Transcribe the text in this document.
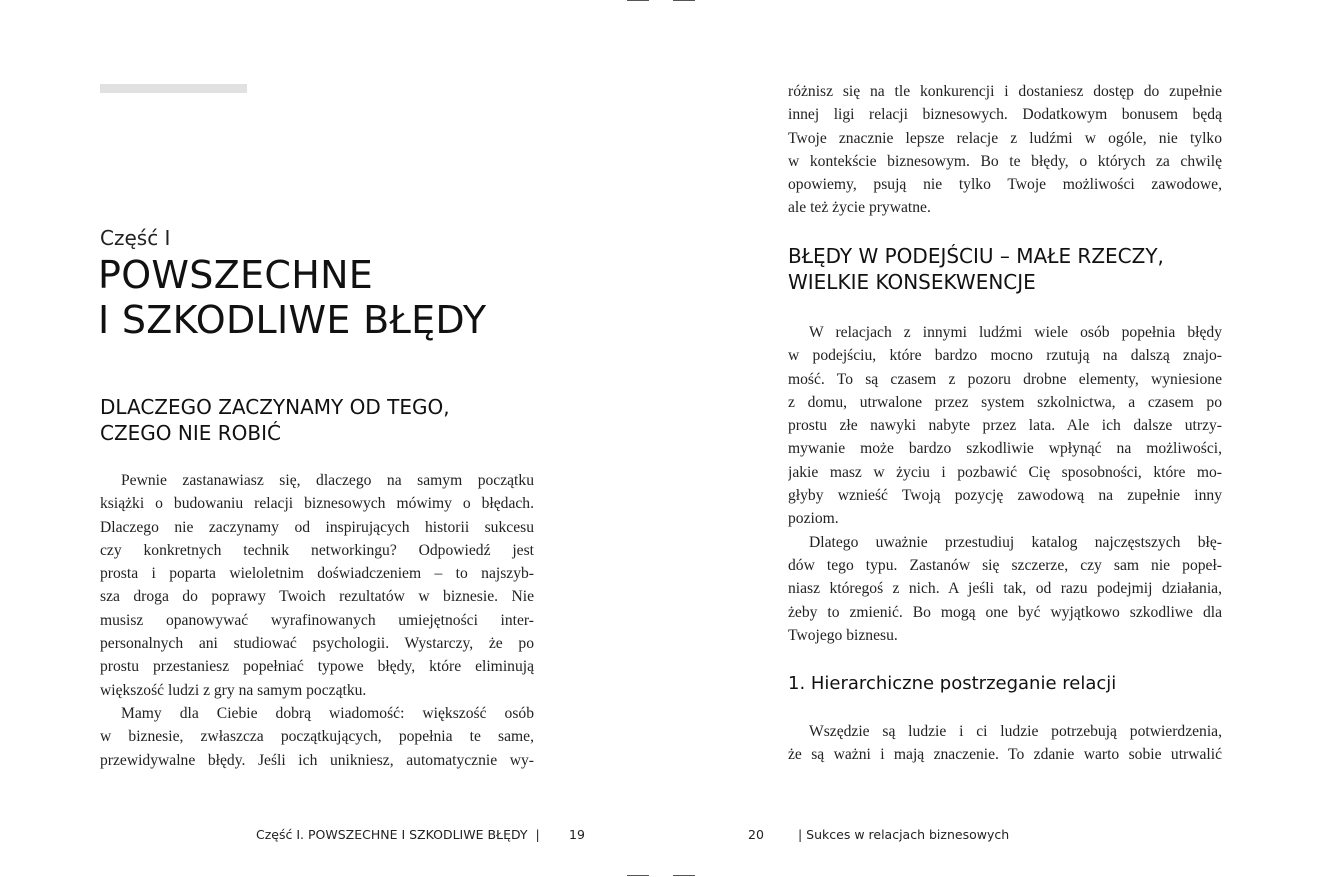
Część I
POWSZECHNE
I SZKODLIWE BŁĘDY
DLACZEGO ZACZYNAMY OD TEGO,
CZEGO NIE ROBIĆ
Pewnie zastanawiasz się, dlaczego na samym początku
książki o budowaniu relacji biznesowych mówimy o błędach.
Dlaczego nie zaczynamy od inspirujących historii sukcesu
czy konkretnych technik networkingu? Odpowiedź jest
prosta i poparta wieloletnim doświadczeniem – to najszyb-
sza droga do poprawy Twoich rezultatów w biznesie. Nie
musisz opanowywać wyrafinowanych umiejętności inter-
personalnych ani studiować psychologii. Wystarczy, że po
prostu przestaniesz popełniać typowe błędy, które eliminują
większość ludzi z gry na samym początku.
Mamy dla Ciebie dobrą wiadomość: większość osób
w biznesie, zwłaszcza początkujących, popełnia te same,
przewidywalne błędy. Jeśli ich unikniesz, automatycznie wy-
Część I. POWSZECHNE I SZKODLIWE BŁĘDY | 19
różnisz się na tle konkurencji i dostaniesz dostęp do zupełnie
innej ligi relacji biznesowych. Dodatkowym bonusem będą
Twoje znacznie lepsze relacje z ludźmi w ogóle, nie tylko
w kontekście biznesowym. Bo te błędy, o których za chwilę
opowiemy, psują nie tylko Twoje możliwości zawodowe,
ale też życie prywatne.
BŁĘDY W PODEJŚCIU – MAŁE RZECZY,
WIELKIE KONSEKWENCJE
W relacjach z innymi ludźmi wiele osób popełnia błędy
w podejściu, które bardzo mocno rzutują na dalszą znajo-
mość. To są czasem z pozoru drobne elementy, wyniesione
z domu, utrwalone przez system szkolnictwa, a czasem po
prostu złe nawyki nabyte przez lata. Ale ich dalsze utrzy-
mywanie może bardzo szkodliwie wpłynąć na możliwości,
jakie masz w życiu i pozbawić Cię sposobności, które mo-
głyby wznieść Twoją pozycję zawodową na zupełnie inny
poziom.
Dlatego uważnie przestudiuj katalog najczęstszych błę-
dów tego typu. Zastanów się szczerze, czy sam nie popeł-
niasz któregoś z nich. A jeśli tak, od razu podejmij działania,
żeby to zmienić. Bo mogą one być wyjątkowo szkodliwe dla
Twojego biznesu.
1. Hierarchiczne postrzeganie relacji
Wszędzie są ludzie i ci ludzie potrzebują potwierdzenia,
że są ważni i mają znaczenie. To zdanie warto sobie utrwalić
20	| Sukces w relacjach biznesowych
